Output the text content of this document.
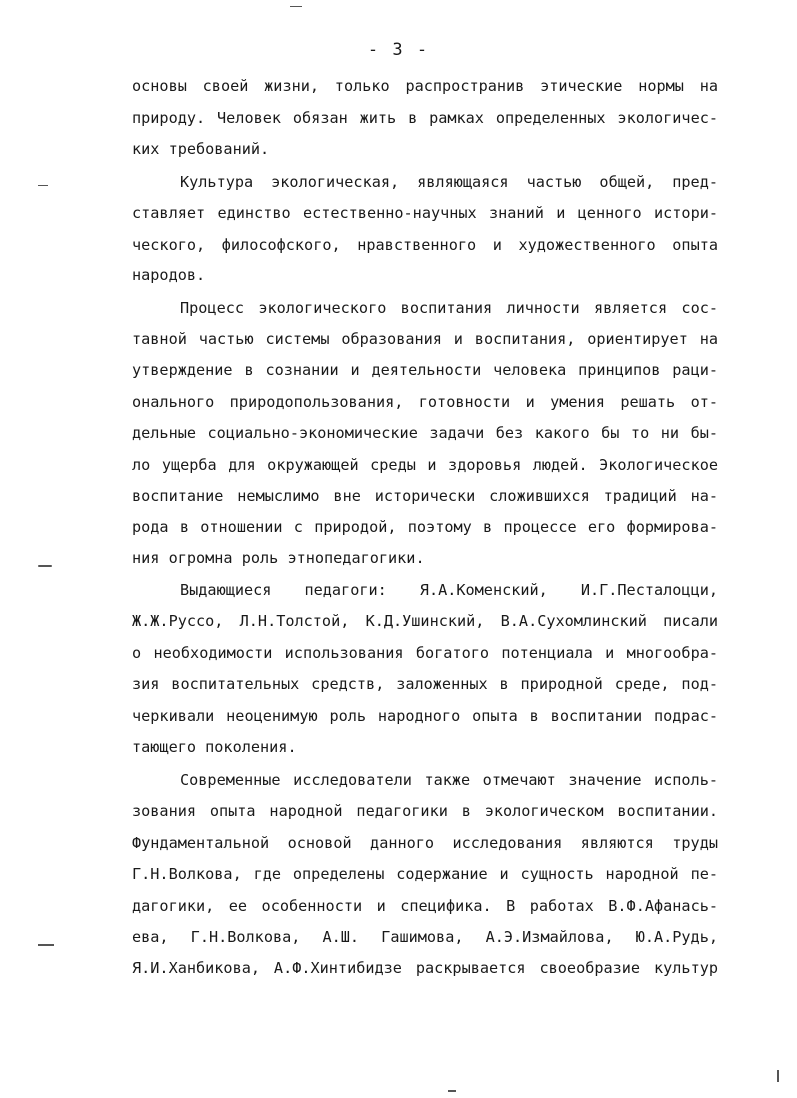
- 3 -
основы своей жизни, только распространив этические нормы на
природу. Человек обязан жить в рамках определенных экологичес-
ких требований.
Культура экологическая, являющаяся частью общей, пред-
ставляет единство естественно-научных знаний и ценного истори-
ческого, философского, нравственного и художественного опыта
народов.
Процесс экологического воспитания личности является сос-
тавной частью системы образования и воспитания, ориентирует на
утверждение в сознании и деятельности человека принципов раци-
онального природопользования, готовности и умения решать от-
дельные социально-экономические задачи без какого бы то ни бы-
ло ущерба для окружающей среды и здоровья людей. Экологическое
воспитание немыслимо вне исторически сложившихся традиций на-
рода в отношении с природой, поэтому в процессе его формирова-
ния огромна роль этнопедагогики.
Выдающиеся педагоги: Я.А.Коменский, И.Г.Песталоцци,
Ж.Ж.Руссо, Л.Н.Толстой, К.Д.Ушинский, В.А.Сухомлинский писали
о необходимости использования богатого потенциала и многообра-
зия воспитательных средств, заложенных в природной среде, под-
черкивали неоценимую роль народного опыта в воспитании подрас-
тающего поколения.
Современные исследователи также отмечают значение исполь-
зования опыта народной педагогики в экологическом воспитании.
Фундаментальной основой данного исследования являются труды
Г.Н.Волкова, где определены содержание и сущность народной пе-
дагогики, ее особенности и специфика. В работах В.Ф.Афанась-
ева, Г.Н.Волкова, А.Ш. Гашимова, А.Э.Измайлова, Ю.А.Рудь,
Я.И.Ханбикова, А.Ф.Хинтибидзе раскрывается своеобразие культур
